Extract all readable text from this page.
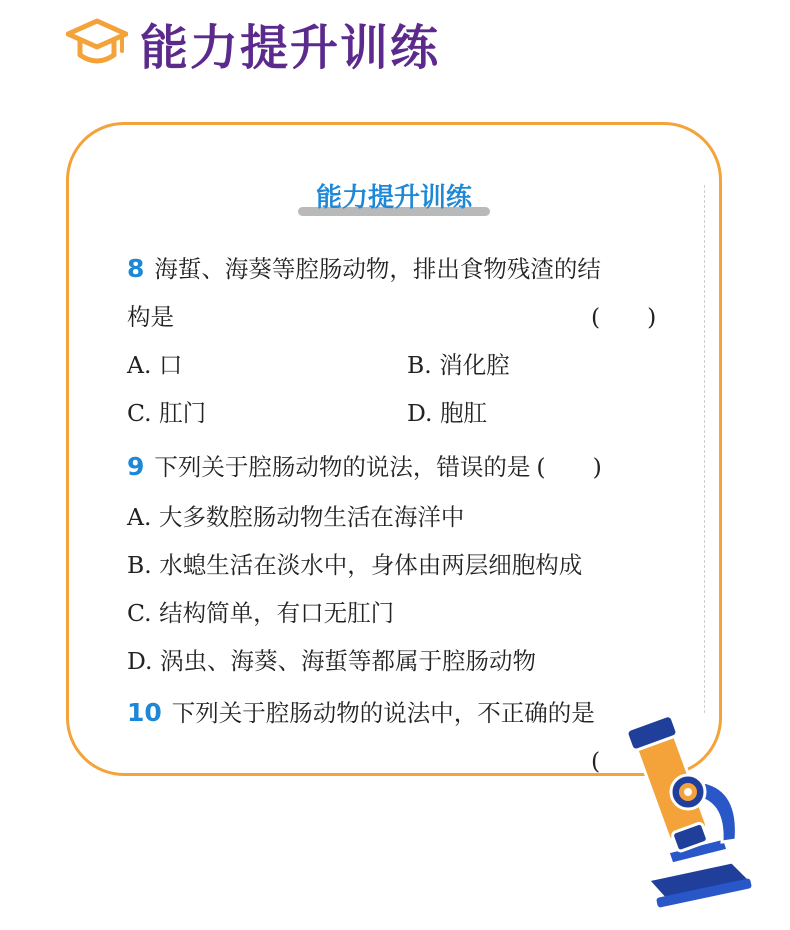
能力提升训练
能力提升训练
8 海蜇、海葵等腔肠动物，排出食物残渣的结
构是	(　　)
A. 口	B. 消化腔
C. 肛门	D. 胞肛
9 下列关于腔肠动物的说法，错误的是 (　　)
A. 大多数腔肠动物生活在海洋中
B. 水螅生活在淡水中，身体由两层细胞构成
C. 结构简单，有口无肛门
D. 涡虫、海葵、海蜇等都属于腔肠动物
10 下列关于腔肠动物的说法中，不正确的是
(
